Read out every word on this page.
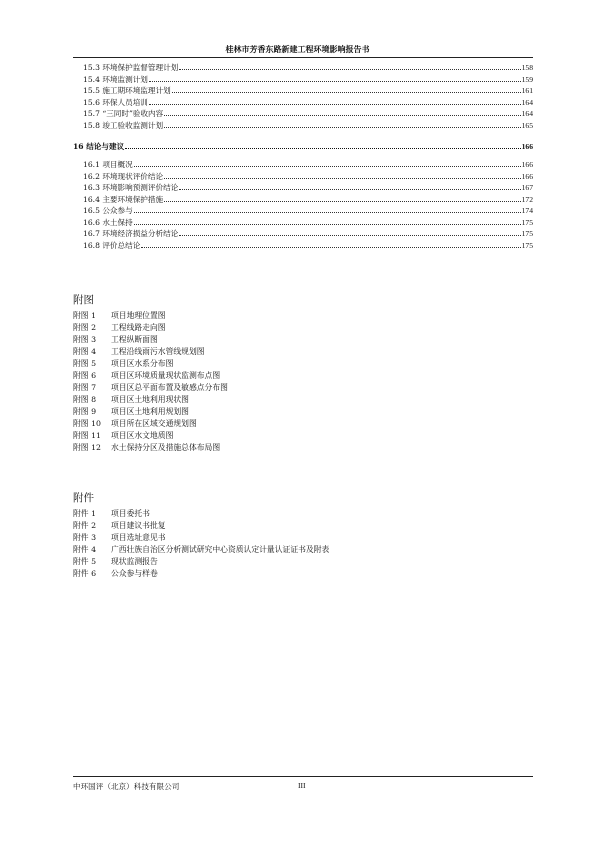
桂林市芳香东路新建工程环境影响报告书
15.3 环境保护监督管理计划	158
15.4 环境监测计划	159
15.5 施工期环境监理计划	161
15.6 环保人员培训	164
15.7 “三同时”验收内容	164
15.8 竣工验收监测计划	165
16 结论与建议	166
16.1 项目概况	166
16.2 环境现状评价结论	166
16.3 环境影响预测评价结论	167
16.4 主要环境保护措施	172
16.5 公众参与	174
16.6 水土保持	175
16.7 环境经济损益分析结论	175
16.8 评价总结论	175
附图
附图 1 项目地理位置图
附图 2 工程线路走向图
附图 3 工程纵断面图
附图 4 工程沿线雨污水管线规划图
附图 5 项目区水系分布图
附图 6 项目区环境质量现状监测布点图
附图 7 项目区总平面布置及敏感点分布图
附图 8 项目区土地利用现状图
附图 9 项目区土地利用规划图
附图 10 项目所在区域交通规划图
附图 11 项目区水文地质图
附图 12 水土保持分区及措施总体布局图
附件
附件 1 项目委托书
附件 2 项目建议书批复
附件 3 项目选址意见书
附件 4 广西壮族自治区分析测试研究中心资质认定计量认证证书及附表
附件 5 现状监测报告
附件 6 公众参与样卷
中环国评（北京）科技有限公司	III
